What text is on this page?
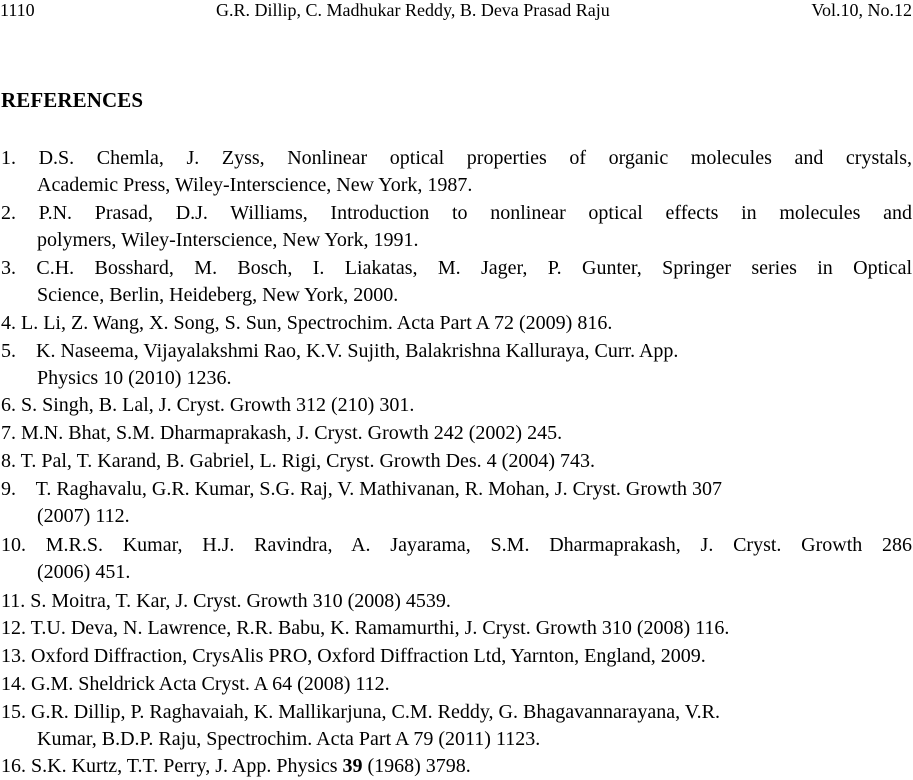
1110	G.R. Dillip, C. Madhukar Reddy, B. Deva Prasad Raju	Vol.10, No.12
REFERENCES
1. D.S. Chemla, J. Zyss, Nonlinear optical properties of organic molecules and crystals,
Academic Press, Wiley-Interscience, New York, 1987.
2. P.N. Prasad, D.J. Williams, Introduction to nonlinear optical effects in molecules and
polymers, Wiley-Interscience, New York, 1991.
3. C.H. Bosshard, M. Bosch, I. Liakatas, M. Jager, P. Gunter, Springer series in Optical
Science, Berlin, Heideberg, New York, 2000.
4. L. Li, Z. Wang, X. Song, S. Sun, Spectrochim. Acta Part A 72 (2009) 816.
5.    K. Naseema, Vijayalakshmi Rao, K.V. Sujith, Balakrishna Kalluraya, Curr. App.
Physics 10 (2010) 1236.
6. S. Singh, B. Lal, J. Cryst. Growth 312 (210) 301.
7. M.N. Bhat, S.M. Dharmaprakash, J. Cryst. Growth 242 (2002) 245.
8. T. Pal, T. Karand, B. Gabriel, L. Rigi, Cryst. Growth Des. 4 (2004) 743.
9.    T. Raghavalu, G.R. Kumar, S.G. Raj, V. Mathivanan, R. Mohan, J. Cryst. Growth 307
(2007) 112.
10. M.R.S. Kumar, H.J. Ravindra, A. Jayarama, S.M. Dharmaprakash, J. Cryst. Growth 286
(2006) 451.
11. S. Moitra, T. Kar, J. Cryst. Growth 310 (2008) 4539.
12. T.U. Deva, N. Lawrence, R.R. Babu, K. Ramamurthi, J. Cryst. Growth 310 (2008) 116.
13. Oxford Diffraction, CrysAlis PRO, Oxford Diffraction Ltd, Yarnton, England, 2009.
14. G.M. Sheldrick Acta Cryst. A 64 (2008) 112.
15. G.R. Dillip, P. Raghavaiah, K. Mallikarjuna, C.M. Reddy, G. Bhagavannarayana, V.R.
Kumar, B.D.P. Raju, Spectrochim. Acta Part A 79 (2011) 1123.
16. S.K. Kurtz, T.T. Perry, J. App. Physics 39 (1968) 3798.
